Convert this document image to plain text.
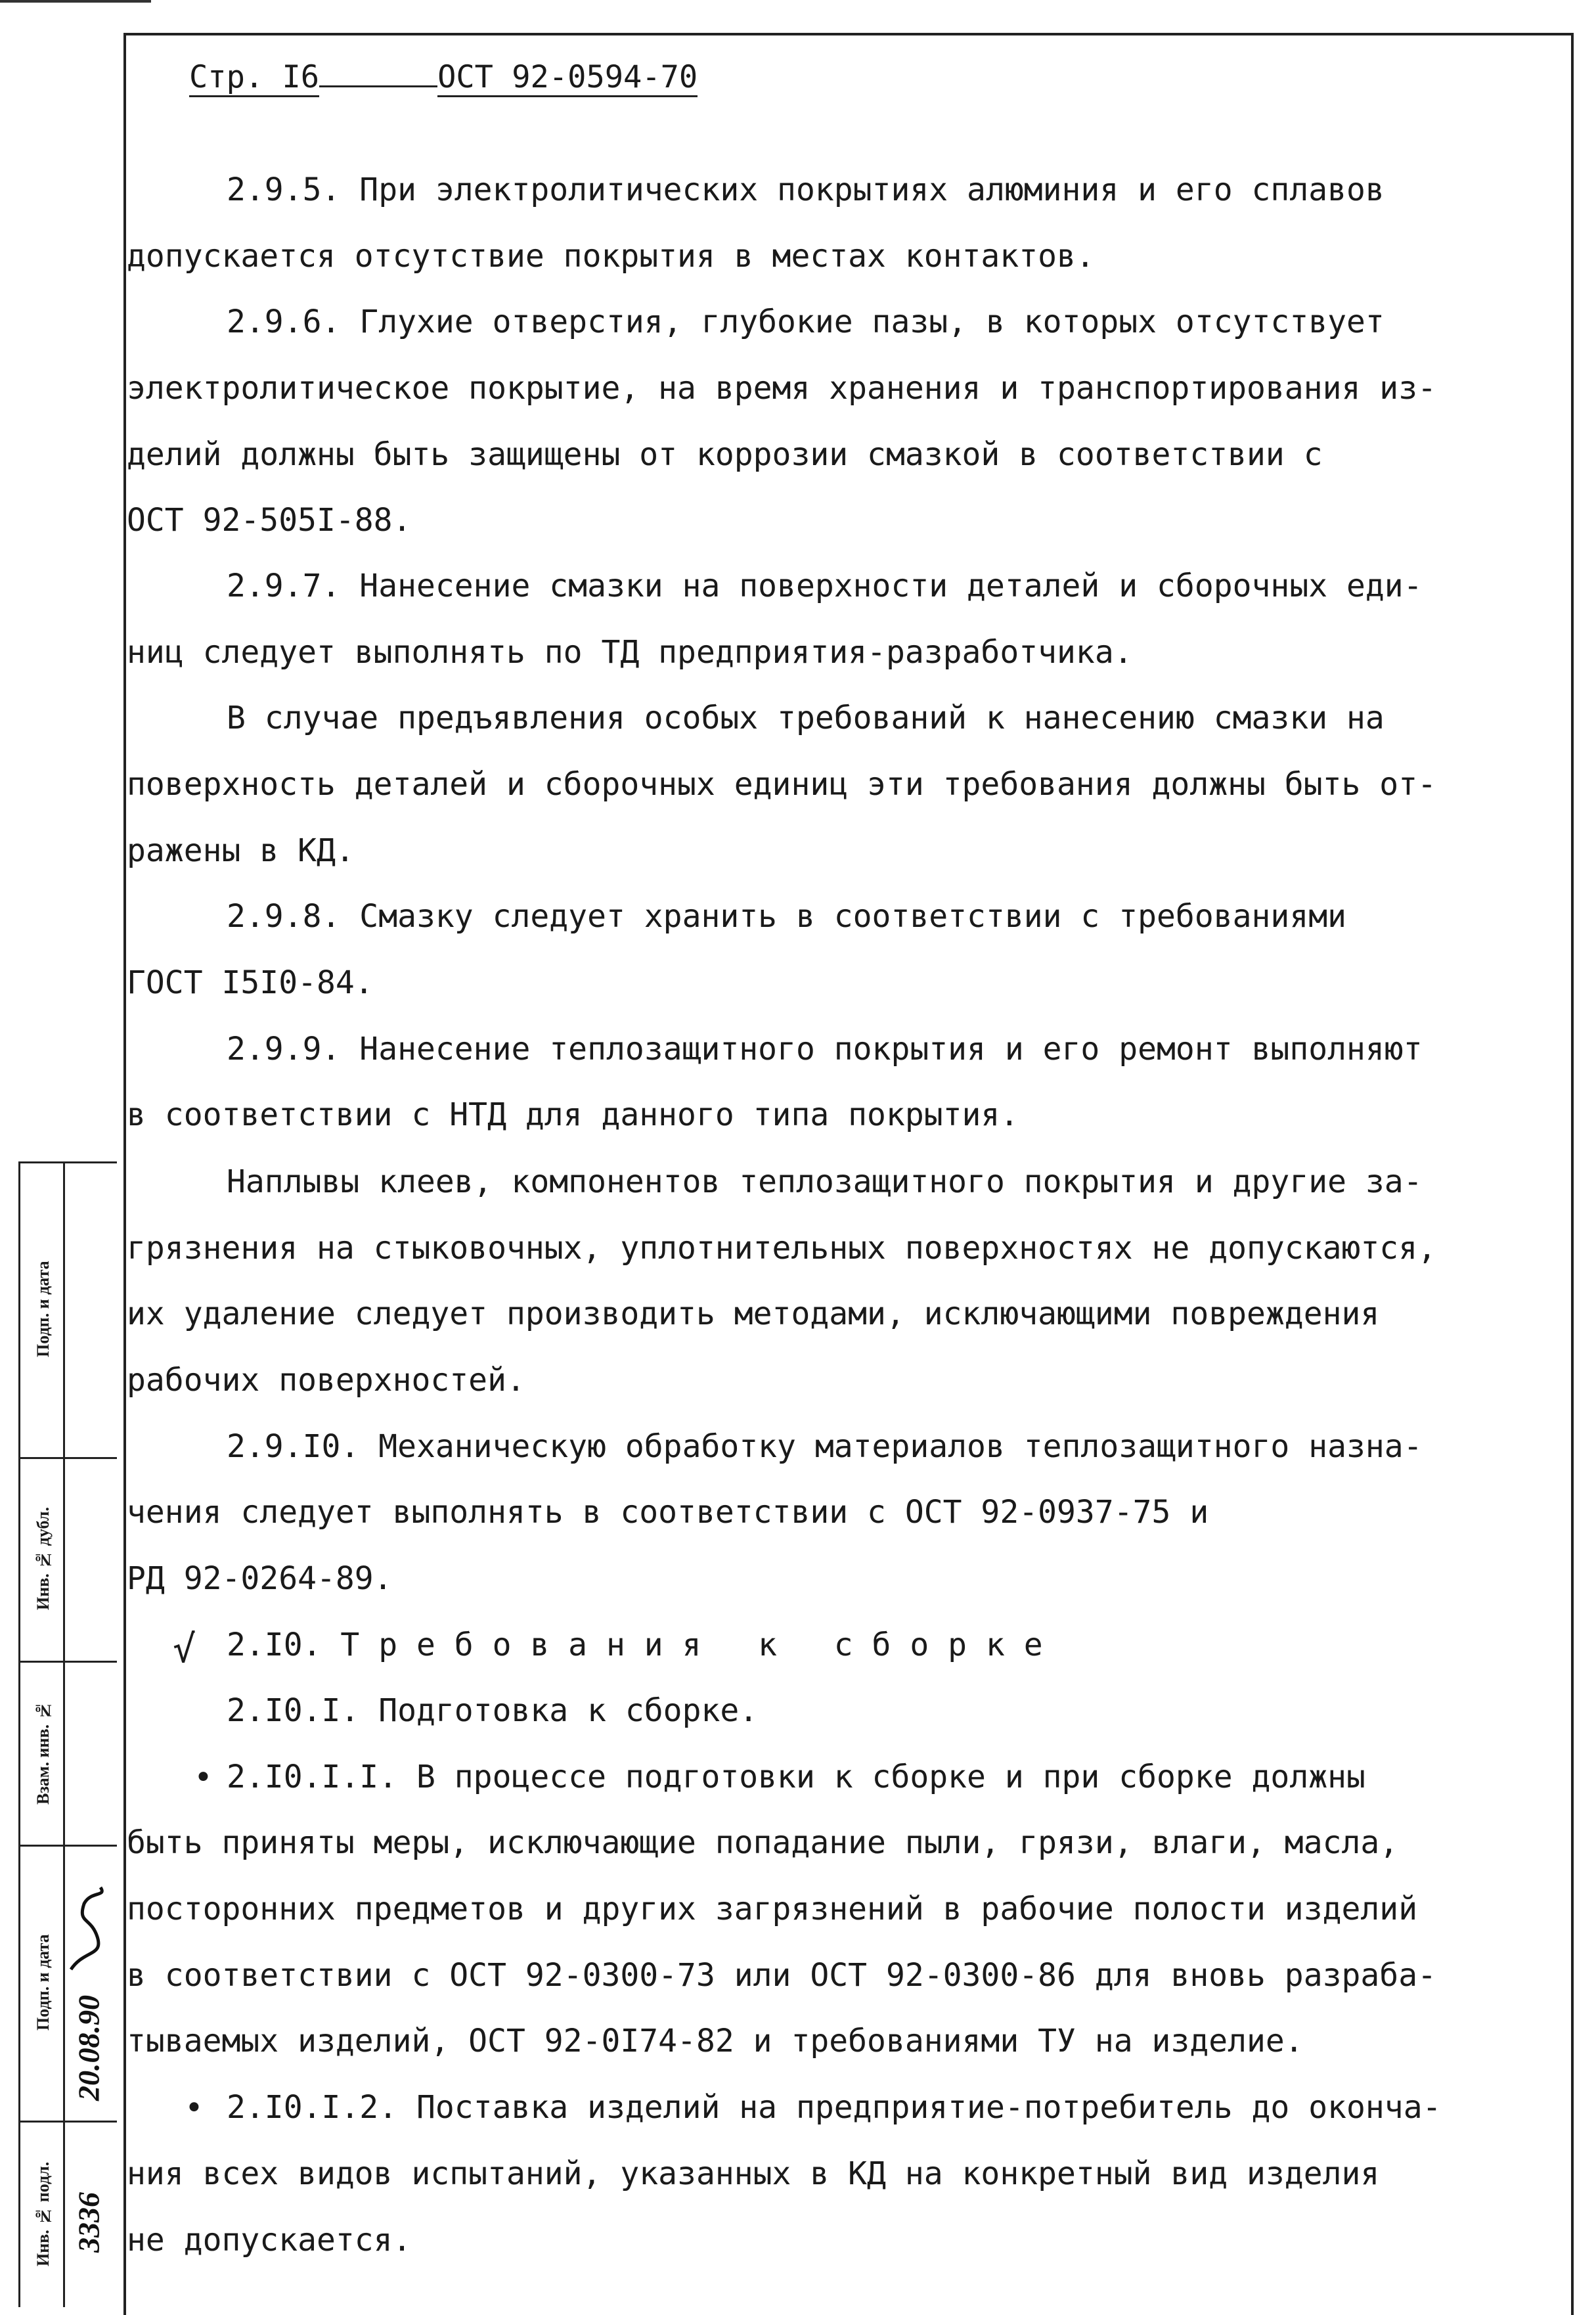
Стр. I6	ОСТ 92-0594-70
2.9.5. При электролитических покрытиях алюминия и его сплавов
допускается отсутствие покрытия в местах контактов.
2.9.6. Глухие отверстия, глубокие пазы, в которых отсутствует
электролитическое покрытие, на время хранения и транспортирования из-
делий должны быть защищены от коррозии смазкой в соответствии с
ОСТ 92-505I-88.
2.9.7. Нанесение смазки на поверхности деталей и сборочных еди-
ниц следует выполнять по ТД предприятия-разработчика.
В случае предъявления особых требований к нанесению смазки на
поверхность деталей и сборочных единиц эти требования должны быть от-
ражены в КД.
2.9.8. Смазку следует хранить в соответствии с требованиями
ГОСТ I5I0-84.
2.9.9. Нанесение теплозащитного покрытия и его ремонт выполняют
в соответствии с НТД для данного типа покрытия.
Наплывы клеев, компонентов теплозащитного покрытия и другие за-
грязнения на стыковочных, уплотнительных поверхностях не допускаются,
их удаление следует производить методами, исключающими повреждения
рабочих поверхностей.
2.9.I0. Механическую обработку материалов теплозащитного назна-
чения следует выполнять в соответствии с ОСТ 92-0937-75 и
РД 92-0264-89.
√ 2.I0. Т р е б о в а н и я   к   с б о р к е
2.I0.I. Подготовка к сборке.
• 2.I0.I.I. В процессе подготовки к сборке и при сборке должны
быть приняты меры, исключающие попадание пыли, грязи, влаги, масла,
посторонних предметов и других загрязнений в рабочие полости изделий
в соответствии с ОСТ 92-0300-73 или ОСТ 92-0300-86 для вновь разраба-
тываемых изделий, ОСТ 92-0I74-82 и требованиями ТУ на изделие.
• 2.I0.I.2. Поставка изделий на предприятие-потребитель до оконча-
ния всех видов испытаний, указанных в КД на конкретный вид изделия
не допускается.
Подп. и дата
Инв. № дубл.
Взам. инв. №
Подп. и дата
Инв. № подл.
20.08.90
3336
